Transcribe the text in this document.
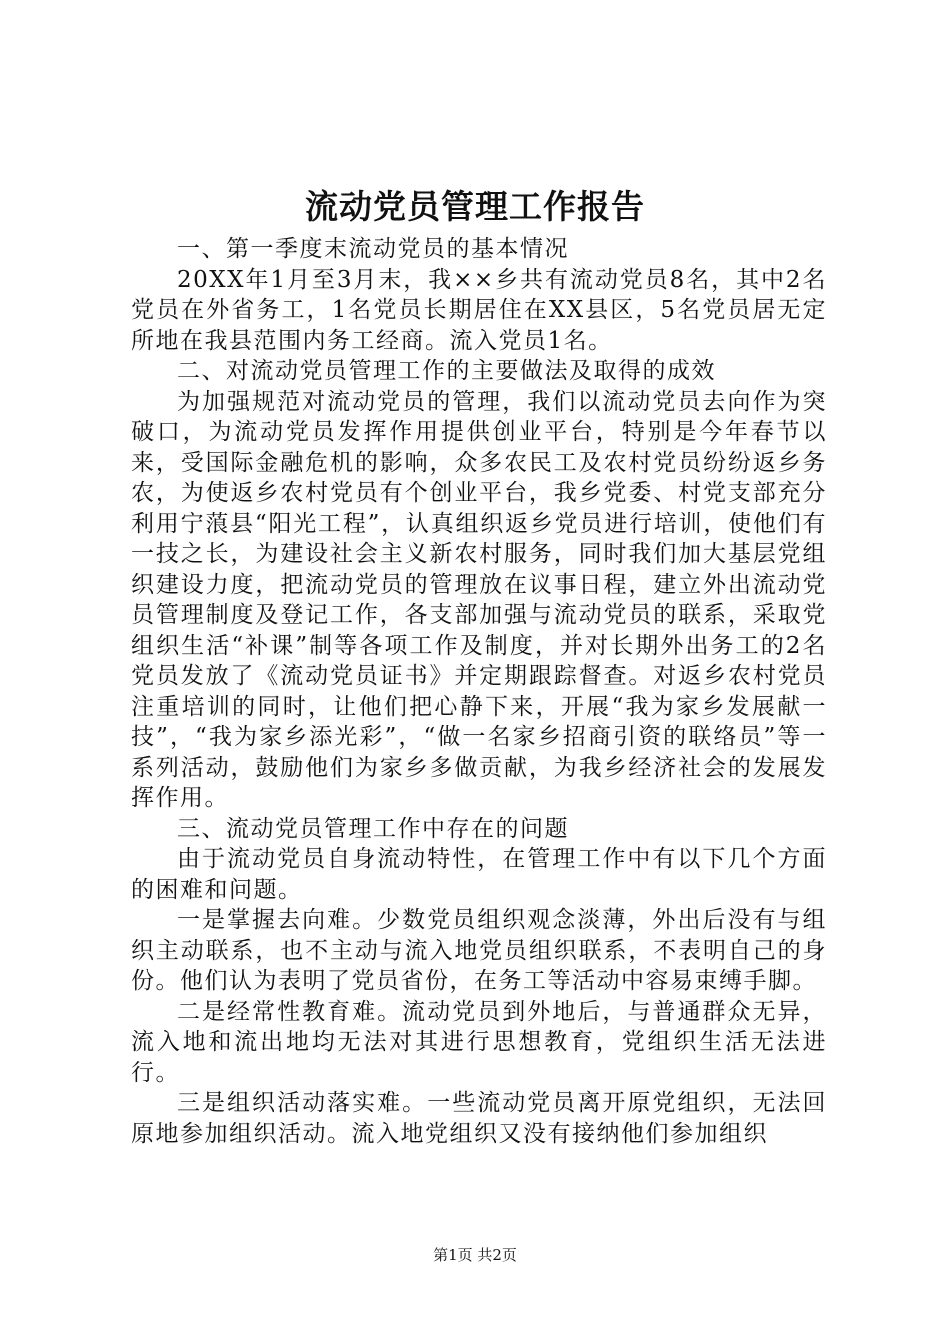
流动党员管理工作报告

一、第一季度末流动党员的基本情况

20XX年1月至3月末，我××乡共有流动党员8名，其中2名党员在外省务工，1名党员长期居住在XX县区，5名党员居无定所地在我县范围内务工经商。流入党员1名。

二、对流动党员管理工作的主要做法及取得的成效

为加强规范对流动党员的管理，我们以流动党员去向作为突破口，为流动党员发挥作用提供创业平台，特别是今年春节以来，受国际金融危机的影响，众多农民工及农村党员纷纷返乡务农，为使返乡农村党员有个创业平台，我乡党委、村党支部充分利用宁蒗县“阳光工程”，认真组织返乡党员进行培训，使他们有一技之长，为建设社会主义新农村服务，同时我们加大基层党组织建设力度，把流动党员的管理放在议事日程，建立外出流动党员管理制度及登记工作，各支部加强与流动党员的联系，采取党组织生活“补课”制等各项工作及制度，并对长期外出务工的2名党员发放了《流动党员证书》并定期跟踪督查。对返乡农村党员注重培训的同时，让他们把心静下来，开展“我为家乡发展献一技”，“我为家乡添光彩”，“做一名家乡招商引资的联络员”等一系列活动，鼓励他们为家乡多做贡献，为我乡经济社会的发展发挥作用。

三、流动党员管理工作中存在的问题

由于流动党员自身流动特性，在管理工作中有以下几个方面的困难和问题。

一是掌握去向难。少数党员组织观念淡薄，外出后没有与组织主动联系，也不主动与流入地党员组织联系，不表明自己的身份。他们认为表明了党员省份，在务工等活动中容易束缚手脚。

二是经常性教育难。流动党员到外地后，与普通群众无异，流入地和流出地均无法对其进行思想教育，党组织生活无法进行。

三是组织活动落实难。一些流动党员离开原党组织，无法回原地参加组织活动。流入地党组织又没有接纳他们参加组织

第1页 共2页
